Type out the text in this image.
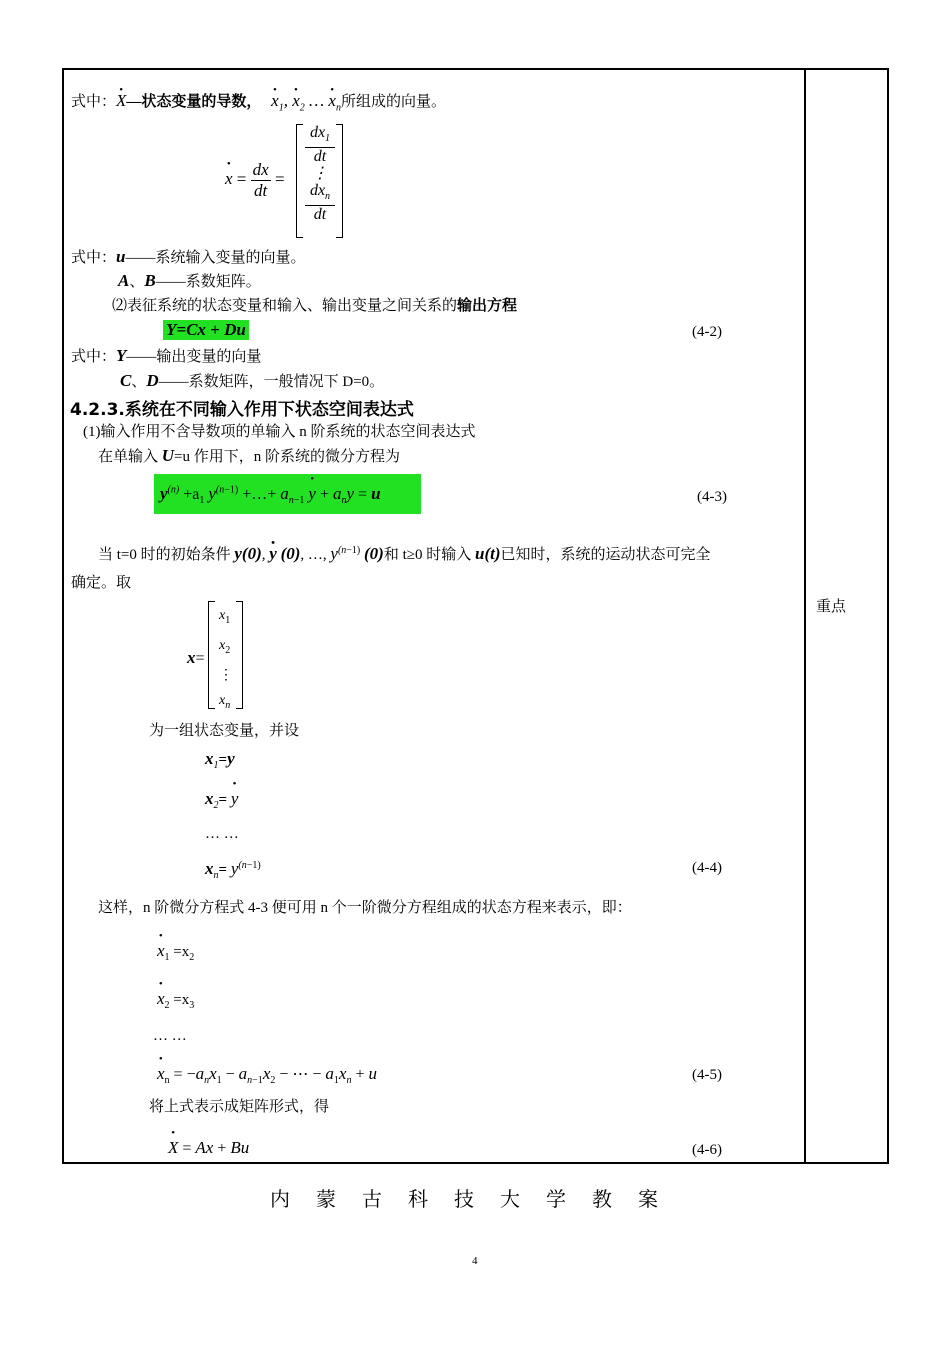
式中：• X—状态变量的导数， • $x_1$, • $x_2$ … • $x_n$所组成的向量。
• $x = \frac{dx}{dt}$ =
$dx_1$
dt
⋮
$dx_n$
dt
式中：u——系统输入变量的向量。
A、B——系数矩阵。
⑵表征系统的状态变量和输入、输出变量之间关系的输出方程
Y=Cx + Du	(4-2)
式中：Y——输出变量的向量
C、D——系数矩阵，一般情况下 D=0。
4.2.3.系统在不同输入作用下状态空间表达式
(1)输入作用不含导数项的单输入 n 阶系统的状态空间表达式
在单输入 U=u 作用下，n 阶系统的微分方程为
$y^{(n)} +a_1$ $y^{(n-1)}$ +…+ $a_{n-1}$ • $y + a_ny = u$	(4-3)
当 t=0 时的初始条件 y(0), • y (0), …, $y^{(n-1)}$ (0)和 t≥0 时输入 u(t)已知时，系统的运动状态可完全
确定。取
x=
$x_1$
$x_2$
⋮
$x_n$
为一组状态变量，并设
$x_1=y$
$x_2=$ • y
… …
$x_n= y^{(n-1)}$	(4-4)
这样，n 阶微分方程式 4-3 便可用 n 个一阶微分方程组成的状态方程来表示，即：
• $x_1 =x_2$
• $x_2 =x_3$
… …
• $x_n = -a_nx_1 - a_{n-1}x_2$ − ⋯ − $a_1x_n + u$	(4-5)
将上式表示成矩阵形式，得
• X = Ax + Bu	(4-6)
重点
内蒙古科技大学教案
4
